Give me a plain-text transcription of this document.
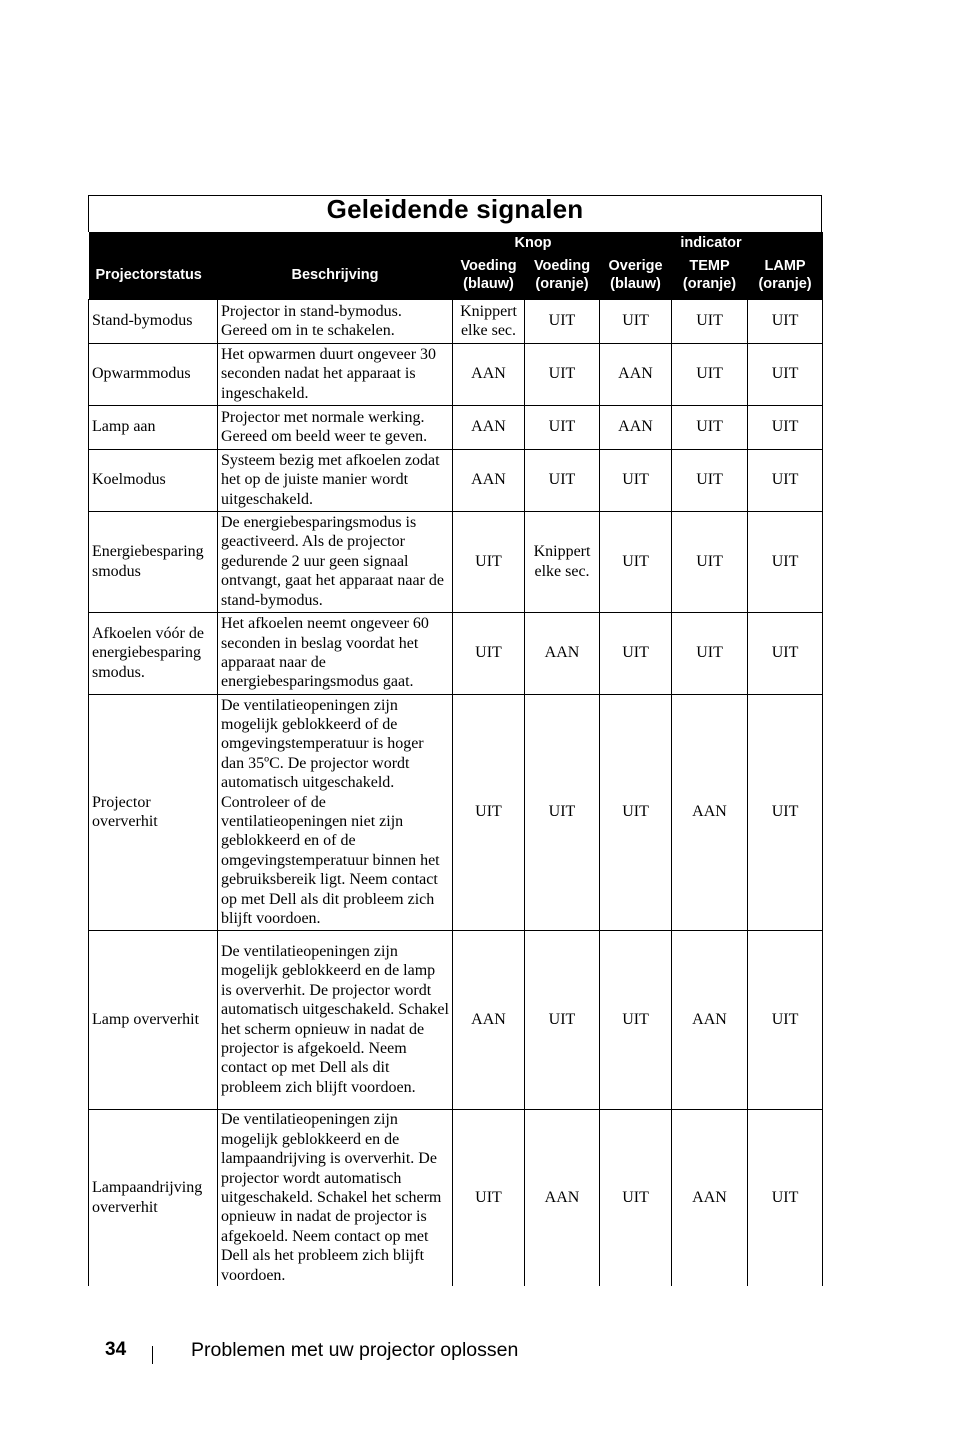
Geleidende signalen
		Knop		indicator		
Projectorstatus	Beschrijving	Voeding (blauw)	Voeding (oranje)	Overige (blauw)	TEMP (oranje)	LAMP (oranje)
Stand-bymodus	Projector in stand-bymodus. Gereed om in te schakelen.	Knippert elke sec.	UIT	UIT	UIT	UIT
Opwarmmodus	Het opwarmen duurt ongeveer 30 seconden nadat het apparaat is ingeschakeld.	AAN	UIT	AAN	UIT	UIT
Lamp aan	Projector met normale werking. Gereed om beeld weer te geven.	AAN	UIT	AAN	UIT	UIT
Koelmodus	Systeem bezig met afkoelen zodat het op de juiste manier wordt uitgeschakeld.	AAN	UIT	UIT	UIT	UIT
Energiebesparing smodus	De energiebesparingsmodus is geactiveerd. Als de projector gedurende 2 uur geen signaal ontvangt, gaat het apparaat naar de stand-bymodus.	UIT	Knippert elke sec.	UIT	UIT	UIT
Afkoelen vóór de energiebesparing smodus.	Het afkoelen neemt ongeveer 60 seconden in beslag voordat het apparaat naar de energiebesparingsmodus gaat.	UIT	AAN	UIT	UIT	UIT
Projector oververhit	De ventilatieopeningen zijn mogelijk geblokkeerd of de omgevingstemperatuur is hoger dan 35ºC. De projector wordt automatisch uitgeschakeld. Controleer of de ventilatieopeningen niet zijn geblokkeerd en of de omgevingstemperatuur binnen het gebruiksbereik ligt. Neem contact op met Dell als dit probleem zich blijft voordoen.	UIT	UIT	UIT	AAN	UIT
Lamp oververhit	De ventilatieopeningen zijn mogelijk geblokkeerd en de lamp is oververhit. De projector wordt automatisch uitgeschakeld. Schakel het scherm opnieuw in nadat de projector is afgekoeld. Neem contact op met Dell als dit probleem zich blijft voordoen.	AAN	UIT	UIT	AAN	UIT
Lampaandrijving oververhit	De ventilatieopeningen zijn mogelijk geblokkeerd en de lampaandrijving is oververhit. De projector wordt automatisch uitgeschakeld. Schakel het scherm opnieuw in nadat de projector is afgekoeld. Neem contact op met Dell als het probleem zich blijft voordoen.	UIT	AAN	UIT	AAN	UIT
34	Problemen met uw projector oplossen
